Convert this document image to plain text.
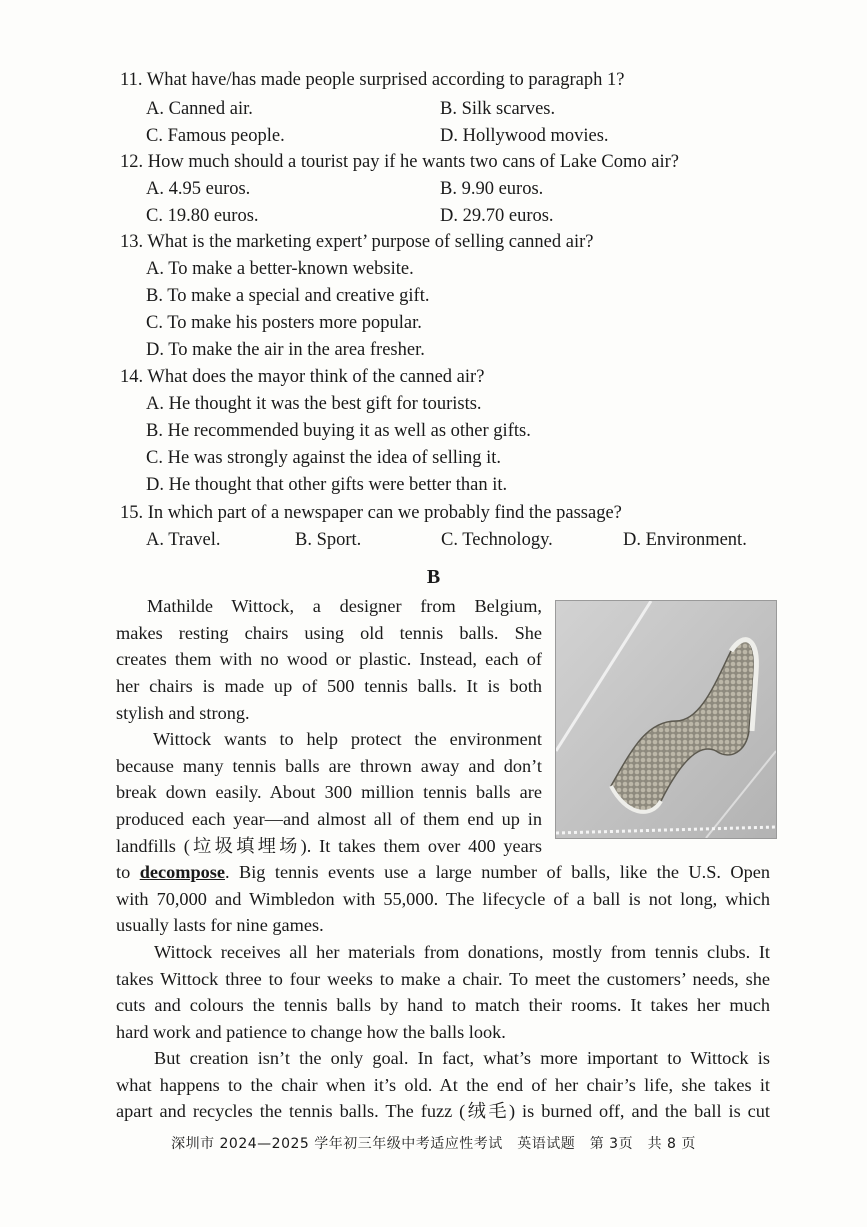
11. What have/has made people surprised according to paragraph 1?
A. Canned air.	B. Silk scarves.
C. Famous people.	D. Hollywood movies.
12. How much should a tourist pay if he wants two cans of Lake Como air?
A. 4.95 euros.	B. 9.90 euros.
C. 19.80 euros.	D. 29.70 euros.
13. What is the marketing expert’ purpose of selling canned air?
A. To make a better-known website.
B. To make a special and creative gift.
C. To make his posters more popular.
D. To make the air in the area fresher.
14. What does the mayor think of the canned air?
A. He thought it was the best gift for tourists.
B. He recommended buying it as well as other gifts.
C. He was strongly against the idea of selling it.
D. He thought that other gifts were better than it.
15. In which part of a newspaper can we probably find the passage?
A. Travel.	B. Sport.	C. Technology.	D. Environment.
B
Mathilde Wittock, a designer from Belgium,
makes resting chairs using old tennis balls. She
creates them with no wood or plastic. Instead, each of
her chairs is made up of 500 tennis balls. It is both
stylish and strong.
Wittock wants to help protect the environment
because many tennis balls are thrown away and don’t
break down easily. About 300 million tennis balls are
produced each year—and almost all of them end up in
landfills (垃圾填埋场). It takes them over 400 years
to decompose. Big tennis events use a large number of balls, like the U.S. Open
with 70,000 and Wimbledon with 55,000. The lifecycle of a ball is not long, which
usually lasts for nine games.
Wittock receives all her materials from donations, mostly from tennis clubs. It
takes Wittock three to four weeks to make a chair. To meet the customers’ needs, she
cuts and colours the tennis balls by hand to match their rooms. It takes her much
hard work and patience to change how the balls look.
But creation isn’t the only goal. In fact, what’s more important to Wittock is
what happens to the chair when it’s old. At the end of her chair’s life, she takes it
apart and recycles the tennis balls. The fuzz (绒毛) is burned off, and the ball is cut
深圳市 2024—2025 学年初三年级中考适应性考试　英语试题　第 3页　共 8 页
